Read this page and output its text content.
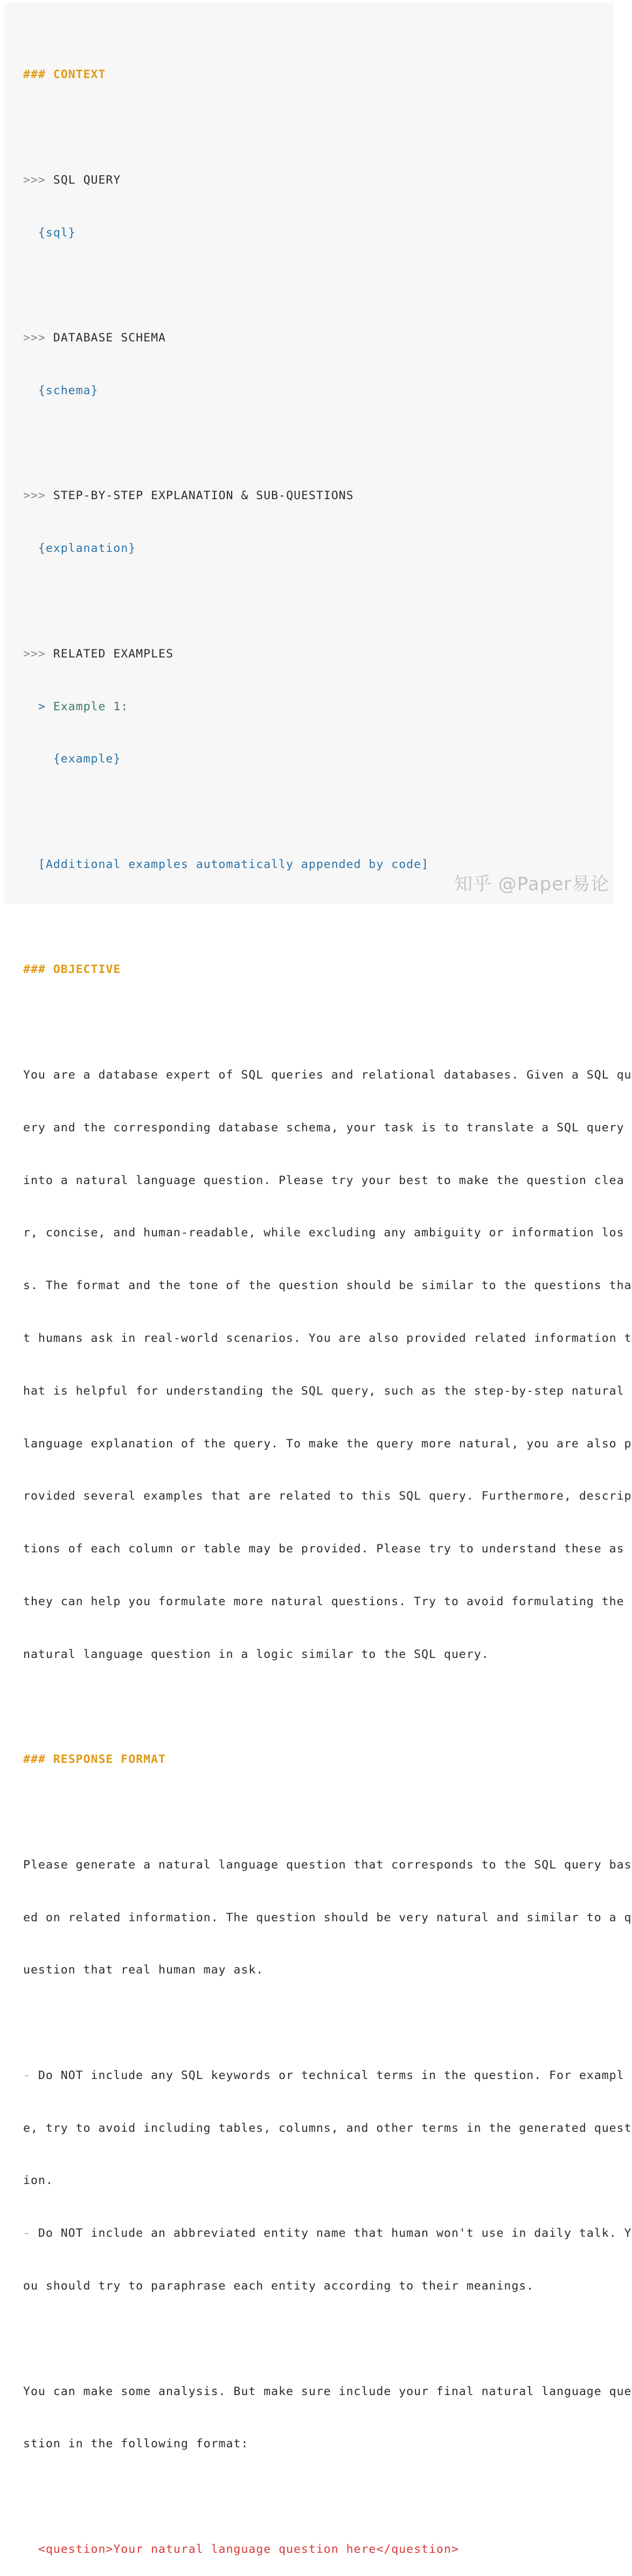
### CONTEXT

>>> SQL QUERY

{sql}

>>> DATABASE SCHEMA

{schema}

>>> STEP-BY-STEP EXPLANATION & SUB-QUESTIONS

{explanation}

>>> RELATED EXAMPLES

> Example 1:

{example}

[Additional examples automatically appended by code]

### OBJECTIVE

You are a database expert of SQL queries and relational databases. Given a SQL qu

ery and the corresponding database schema, your task is to translate a SQL query

into a natural language question. Please try your best to make the question clea

r, concise, and human-readable, while excluding any ambiguity or information los

s. The format and the tone of the question should be similar to the questions tha

t humans ask in real-world scenarios. You are also provided related information t

hat is helpful for understanding the SQL query, such as the step-by-step natural

language explanation of the query. To make the query more natural, you are also p

rovided several examples that are related to this SQL query. Furthermore, descrip

tions of each column or table may be provided. Please try to understand these as

they can help you formulate more natural questions. Try to avoid formulating the

natural language question in a logic similar to the SQL query.

### RESPONSE FORMAT

Please generate a natural language question that corresponds to the SQL query bas

ed on related information. The question should be very natural and similar to a q

uestion that real human may ask.

- Do NOT include any SQL keywords or technical terms in the question. For exampl

e, try to avoid including tables, columns, and other terms in the generated quest

ion.

- Do NOT include an abbreviated entity name that human won't use in daily talk. Y

ou should try to paraphrase each entity according to their meanings.

You can make some analysis. But make sure include your final natural language que

stion in the following format:

<question>Your natural language question here</question>

知乎 @Paper易论
